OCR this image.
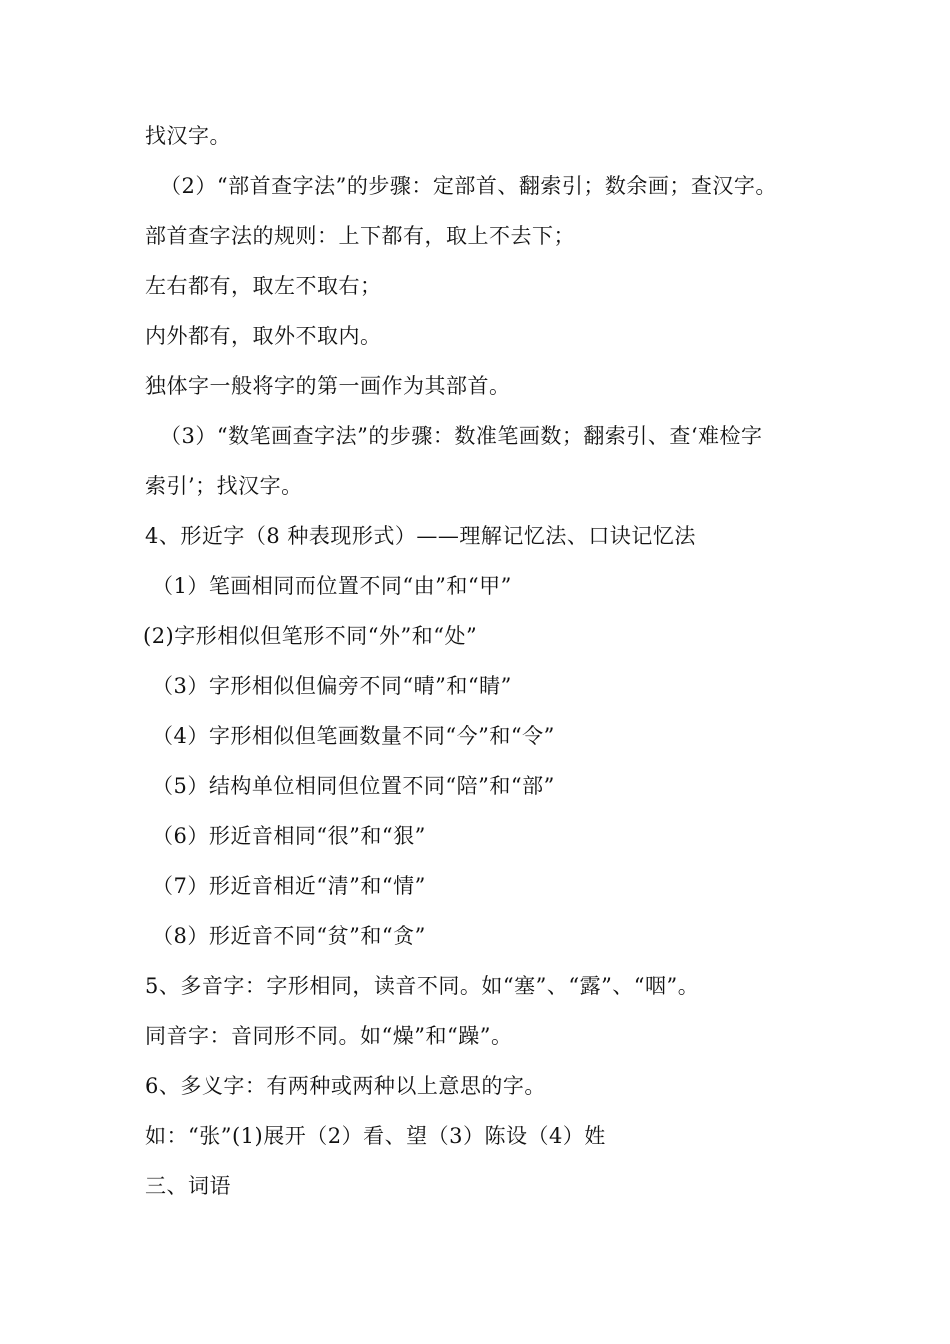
找汉字。
（2）“部首查字法”的步骤：定部首、翻索引；数余画；查汉字。
部首查字法的规则：上下都有，取上不去下；
左右都有，取左不取右；
内外都有，取外不取内。
独体字一般将字的第一画作为其部首。
（3）“数笔画查字法”的步骤：数准笔画数；翻索引、查‘难检字
索引’；找汉字。
4、形近字（8 种表现形式）——理解记忆法、口诀记忆法
（1）笔画相同而位置不同“由”和“甲”
(2)字形相似但笔形不同“外”和“处”
（3）字形相似但偏旁不同“晴”和“睛”
（4）字形相似但笔画数量不同“今”和“令”
（5）结构单位相同但位置不同“陪”和“部”
（6）形近音相同“很”和“狠”
（7）形近音相近“清”和“情”
（8）形近音不同“贫”和“贪”
5、多音字：字形相同，读音不同。如“塞”、“露”、“咽”。
同音字：音同形不同。如“燥”和“躁”。
6、多义字：有两种或两种以上意思的字。
如：“张”(1)展开（2）看、望（3）陈设（4）姓
三、词语
